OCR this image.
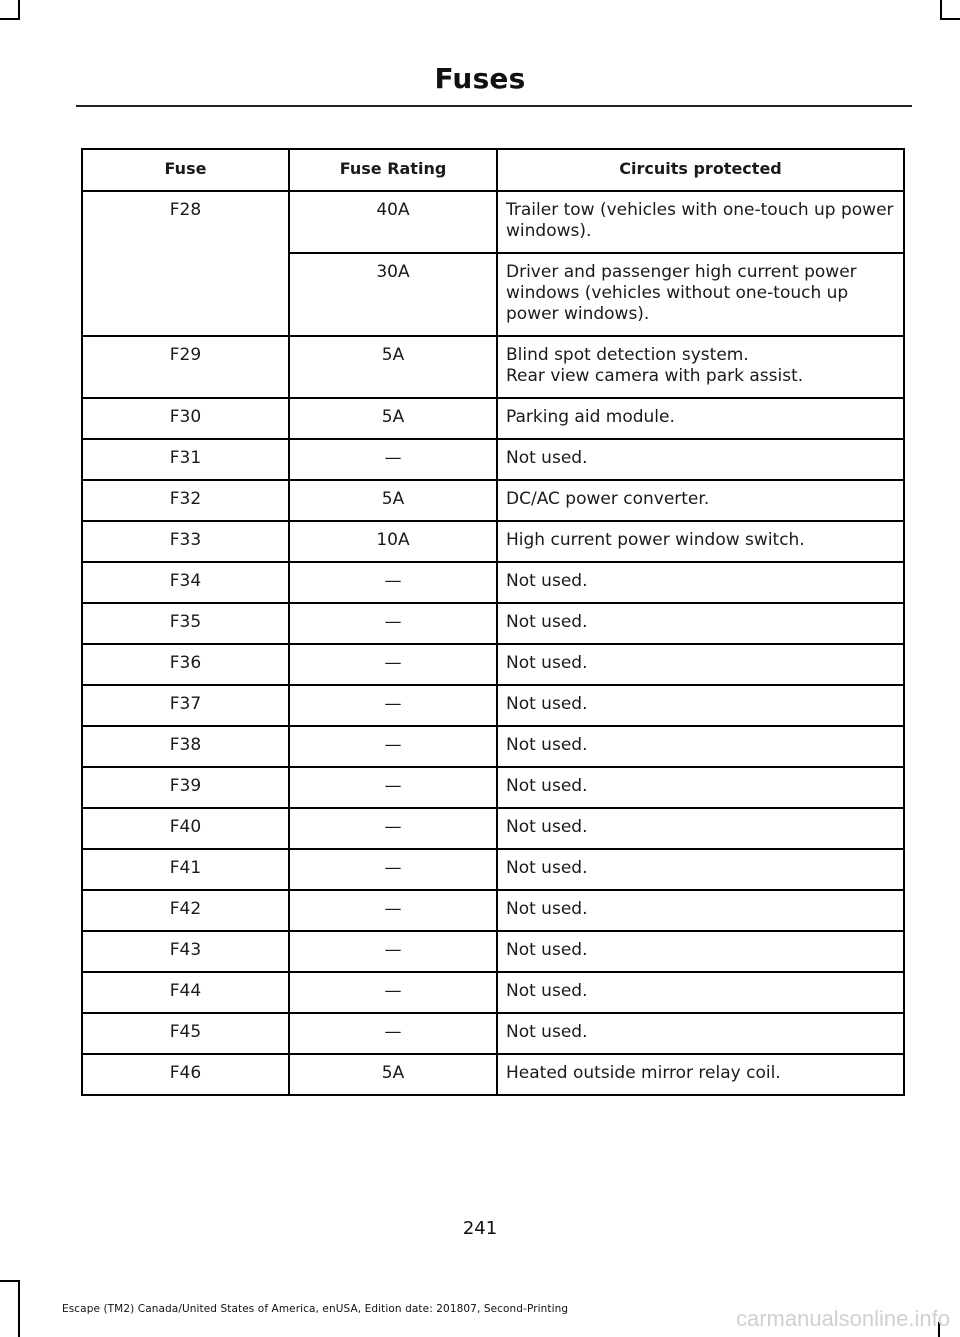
Fuses
Fuse	Fuse Rating	Circuits protected
F28	40A	Trailer tow (vehicles with one-touch up power windows).
	30A	Driver and passenger high current power windows (vehicles without one-touch up power windows).
F29	5A	Blind spot detection system.
Rear view camera with park assist.

F30	5A	Parking aid module.
F31	—	Not used.
F32	5A	DC/AC power converter.
F33	10A	High current power window switch.
F34	—	Not used.
F35	—	Not used.
F36	—	Not used.
F37	—	Not used.
F38	—	Not used.
F39	—	Not used.
F40	—	Not used.
F41	—	Not used.
F42	—	Not used.
F43	—	Not used.
F44	—	Not used.
F45	—	Not used.
F46	5A	Heated outside mirror relay coil.
241
Escape (TM2) Canada/United States of America, enUSA, Edition date: 201807, Second-Printing	carmanualsonline.info
